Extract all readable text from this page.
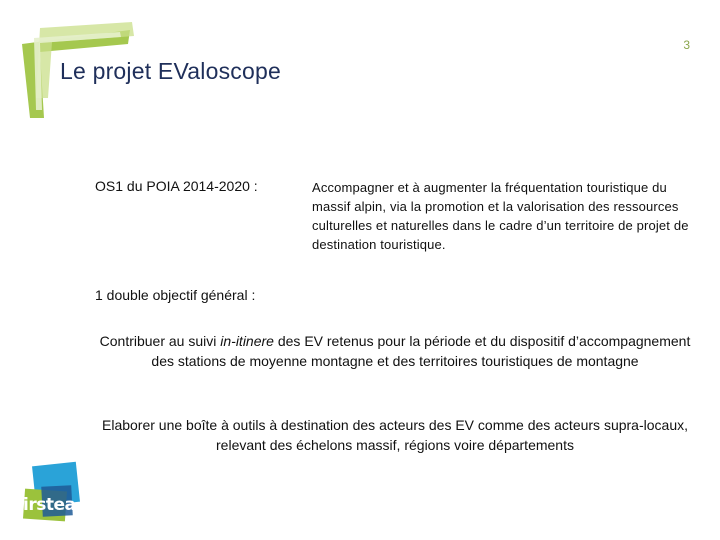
3
Le projet EValoscope
OS1 du POIA 2014-2020 :	Accompagner et à augmenter la fréquentation touristique du massif alpin, via la promotion et la valorisation des ressources culturelles et naturelles dans le cadre d’un territoire de projet de destination touristique.
1 double objectif général :
Contribuer au suivi in-itinere des EV retenus pour la période et du dispositif d’accompagnement des stations de moyenne montagne et des territoires touristiques de montagne
Elaborer une boîte à outils à destination des acteurs des EV comme des acteurs supra-locaux, relevant des échelons massif, régions voire départements
irstea
